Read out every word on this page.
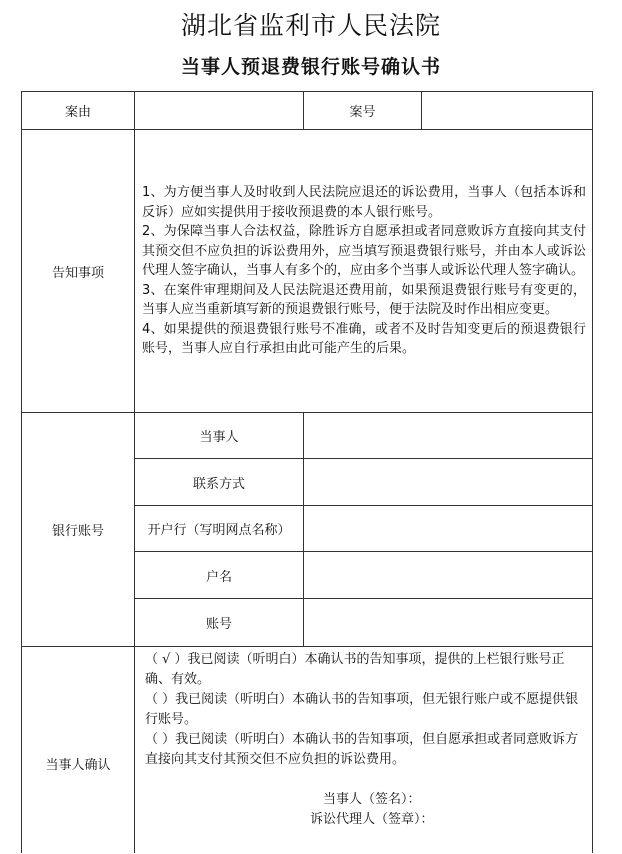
湖北省监利市人民法院
当事人预退费银行账号确认书
案由		案号	
告知事项	1、为方便当事人及时收到人民法院应退还的诉讼费用，当事人（包括本诉和反诉）应如实提供用于接收预退费的本人银行账号。
2、为保障当事人合法权益，除胜诉方自愿承担或者同意败诉方直接向其支付其预交但不应负担的诉讼费用外，应当填写预退费银行账号，并由本人或诉讼代理人签字确认，当事人有多个的，应由多个当事人或诉讼代理人签字确认。
3、在案件审理期间及人民法院退还费用前，如果预退费银行账号有变更的，当事人应当重新填写新的预退费银行账号，便于法院及时作出相应变更。
4、如果提供的预退费银行账号不准确，或者不及时告知变更后的预退费银行账号，当事人应自行承担由此可能产生的后果。		

银行账号	当事人		
	联系方式		
	开户行（写明网点名称）		
	户名		
	账号		
当事人确认	（ √ ）我已阅读（听明白）本确认书的告知事项，提供的上栏银行账号正确、有效。
（ ）我已阅读（听明白）本确认书的告知事项，但无银行账户或不愿提供银行账号。
（ ）我已阅读（听明白）本确认书的告知事项，但自愿承担或者同意败诉方直接向其支付其预交但不应负担的诉讼费用。
当事人（签名）：
诉讼代理人（签章）：		
